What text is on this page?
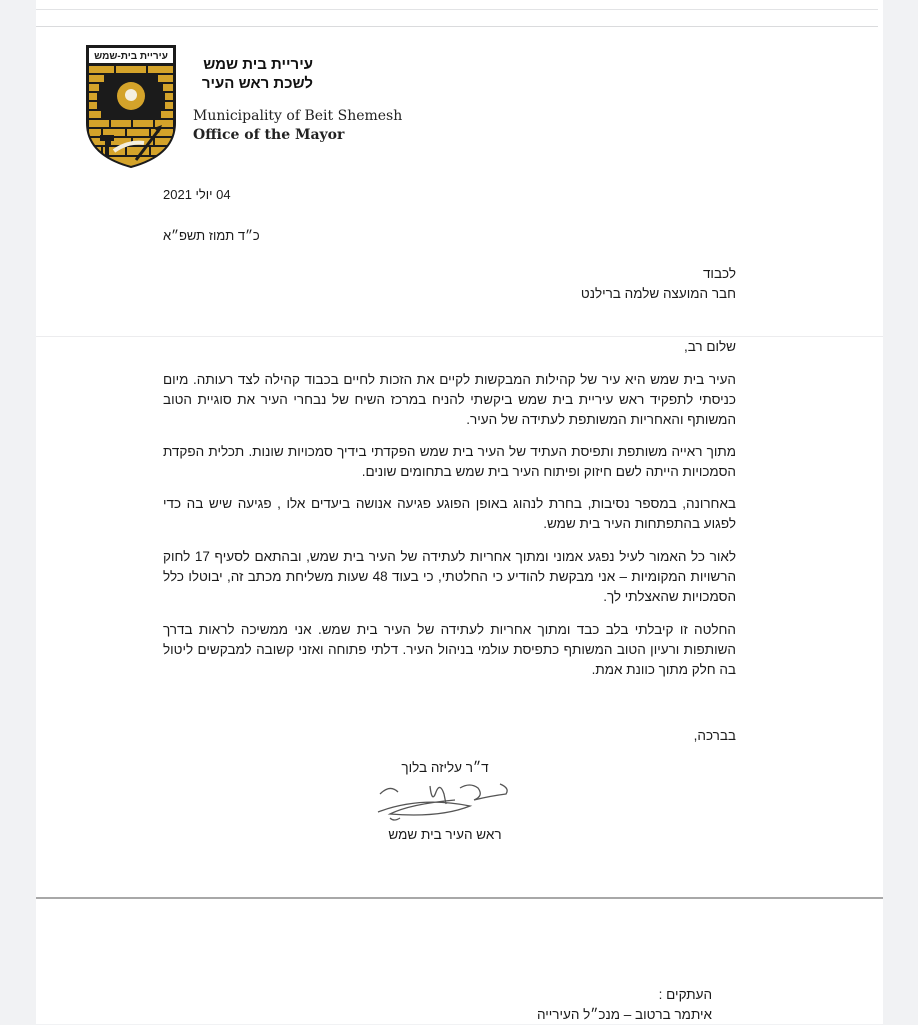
עיריית בית-שמש	עיריית בית שמש
לשכת ראש העיר
Municipality of Beit Shemesh
Office of the Mayor
04 יולי 2021
כ״ד תמוז תשפ״א
לכבוד
חבר המועצה שלמה ברילנט
שלום רב,
העיר בית שמש היא עיר של קהילות המבקשות לקיים את הזכות לחיים בכבוד קהילה לצד רעותה. מיום כניסתי לתפקיד ראש עיריית בית שמש ביקשתי להניח במרכז השיח של נבחרי העיר את סוגיית הטוב המשותף והאחריות המשותפת לעתידה של העיר.
מתוך ראייה משותפת ותפיסת העתיד של העיר בית שמש הפקדתי בידיך סמכויות שונות. תכלית הפקדת הסמכויות הייתה לשם חיזוק ופיתוח העיר בית שמש בתחומים שונים.
באחרונה, במספר נסיבות, בחרת לנהוג באופן הפוגע פגיעה אנושה ביעדים אלו , פגיעה שיש בה כדי לפגוע בהתפתחות העיר בית שמש.
לאור כל האמור לעיל נפגע אמוני ומתוך אחריות לעתידה של העיר בית שמש, ובהתאם לסעיף 17 לחוק הרשויות המקומיות – אני מבקשת להודיע כי החלטתי, כי בעוד 48 שעות משליחת מכתב זה, יבוטלו כלל הסמכויות שהאצלתי לך.
החלטה זו קיבלתי בלב כבד ומתוך אחריות לעתידה של העיר בית שמש. אני ממשיכה לראות בדרך השותפות ורעיון הטוב המשותף כתפיסת עולמי בניהול העיר. דלתי פתוחה ואזני קשובה למבקשים ליטול בה חלק מתוך כוונת אמת.
בברכה,
ד״ר עליזה בלוך
ראש העיר בית שמש
העתקים :
איתמר ברטוב – מנכ״ל העירייה
